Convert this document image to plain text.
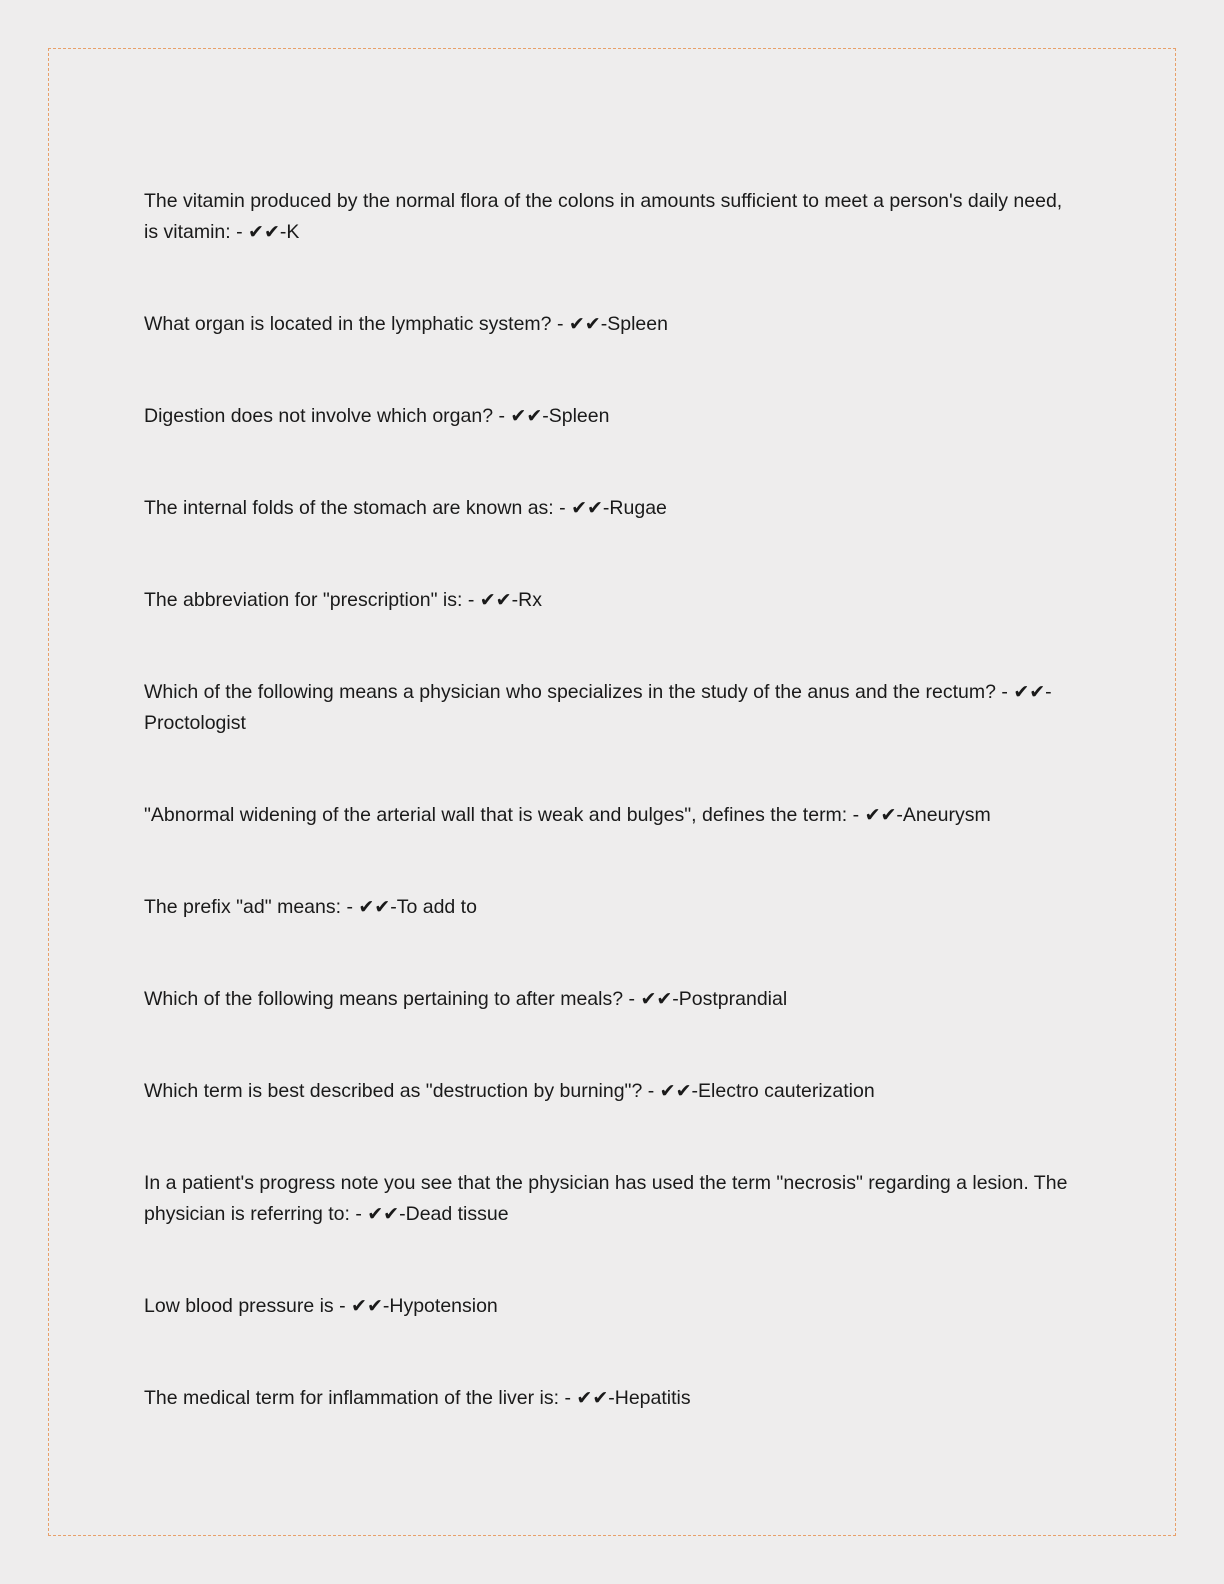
The vitamin produced by the normal flora of the colons in amounts sufficient to meet a person's daily need, is vitamin: - ✔✔-K
What organ is located in the lymphatic system? - ✔✔-Spleen
Digestion does not involve which organ? - ✔✔-Spleen
The internal folds of the stomach are known as: - ✔✔-Rugae
The abbreviation for "prescription" is: - ✔✔-Rx
Which of the following means a physician who specializes in the study of the anus and the rectum? - ✔✔-Proctologist
"Abnormal widening of the arterial wall that is weak and bulges", defines the term: - ✔✔-Aneurysm
The prefix "ad" means: - ✔✔-To add to
Which of the following means pertaining to after meals? - ✔✔-Postprandial
Which term is best described as "destruction by burning"? - ✔✔-Electro cauterization
In a patient's progress note you see that the physician has used the term "necrosis" regarding a lesion. The physician is referring to: - ✔✔-Dead tissue
Low blood pressure is - ✔✔-Hypotension
The medical term for inflammation of the liver is: - ✔✔-Hepatitis
